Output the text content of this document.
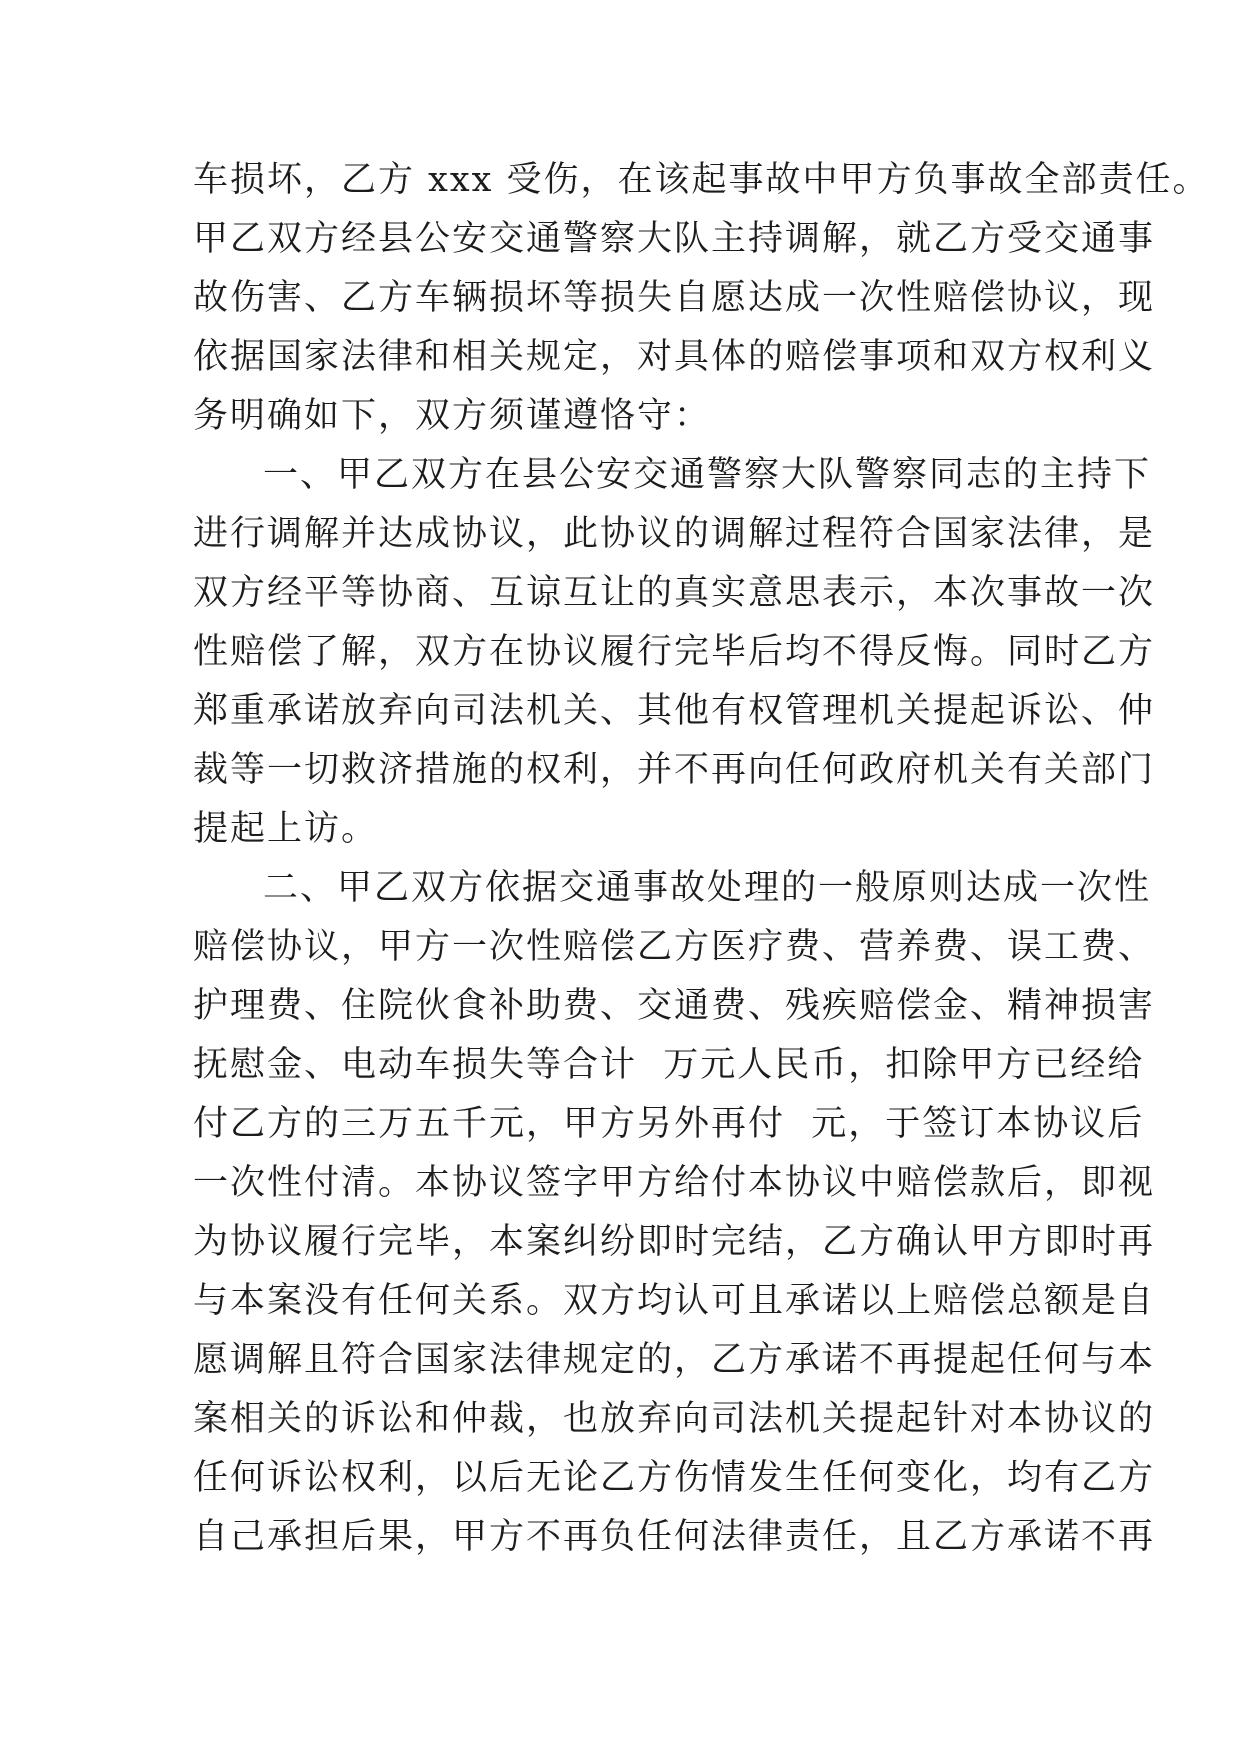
车损坏，乙方 xxx 受伤，在该起事故中甲方负事故全部责任。
甲乙双方经县公安交通警察大队主持调解，就乙方受交通事
故伤害、乙方车辆损坏等损失自愿达成一次性赔偿协议，现
依据国家法律和相关规定，对具体的赔偿事项和双方权利义
务明确如下，双方须谨遵恪守：
一、甲乙双方在县公安交通警察大队警察同志的主持下
进行调解并达成协议，此协议的调解过程符合国家法律，是
双方经平等协商、互谅互让的真实意思表示，本次事故一次
性赔偿了解，双方在协议履行完毕后均不得反悔。同时乙方
郑重承诺放弃向司法机关、其他有权管理机关提起诉讼、仲
裁等一切救济措施的权利，并不再向任何政府机关有关部门
提起上访。
二、甲乙双方依据交通事故处理的一般原则达成一次性
赔偿协议，甲方一次性赔偿乙方医疗费、营养费、误工费、
护理费、住院伙食补助费、交通费、残疾赔偿金、精神损害
抚慰金、电动车损失等合计  万元人民币，扣除甲方已经给
付乙方的三万五千元，甲方另外再付  元，于签订本协议后
一次性付清。本协议签字甲方给付本协议中赔偿款后，即视
为协议履行完毕，本案纠纷即时完结，乙方确认甲方即时再
与本案没有任何关系。双方均认可且承诺以上赔偿总额是自
愿调解且符合国家法律规定的，乙方承诺不再提起任何与本
案相关的诉讼和仲裁，也放弃向司法机关提起针对本协议的
任何诉讼权利，以后无论乙方伤情发生任何变化，均有乙方
自己承担后果，甲方不再负任何法律责任，且乙方承诺不再
